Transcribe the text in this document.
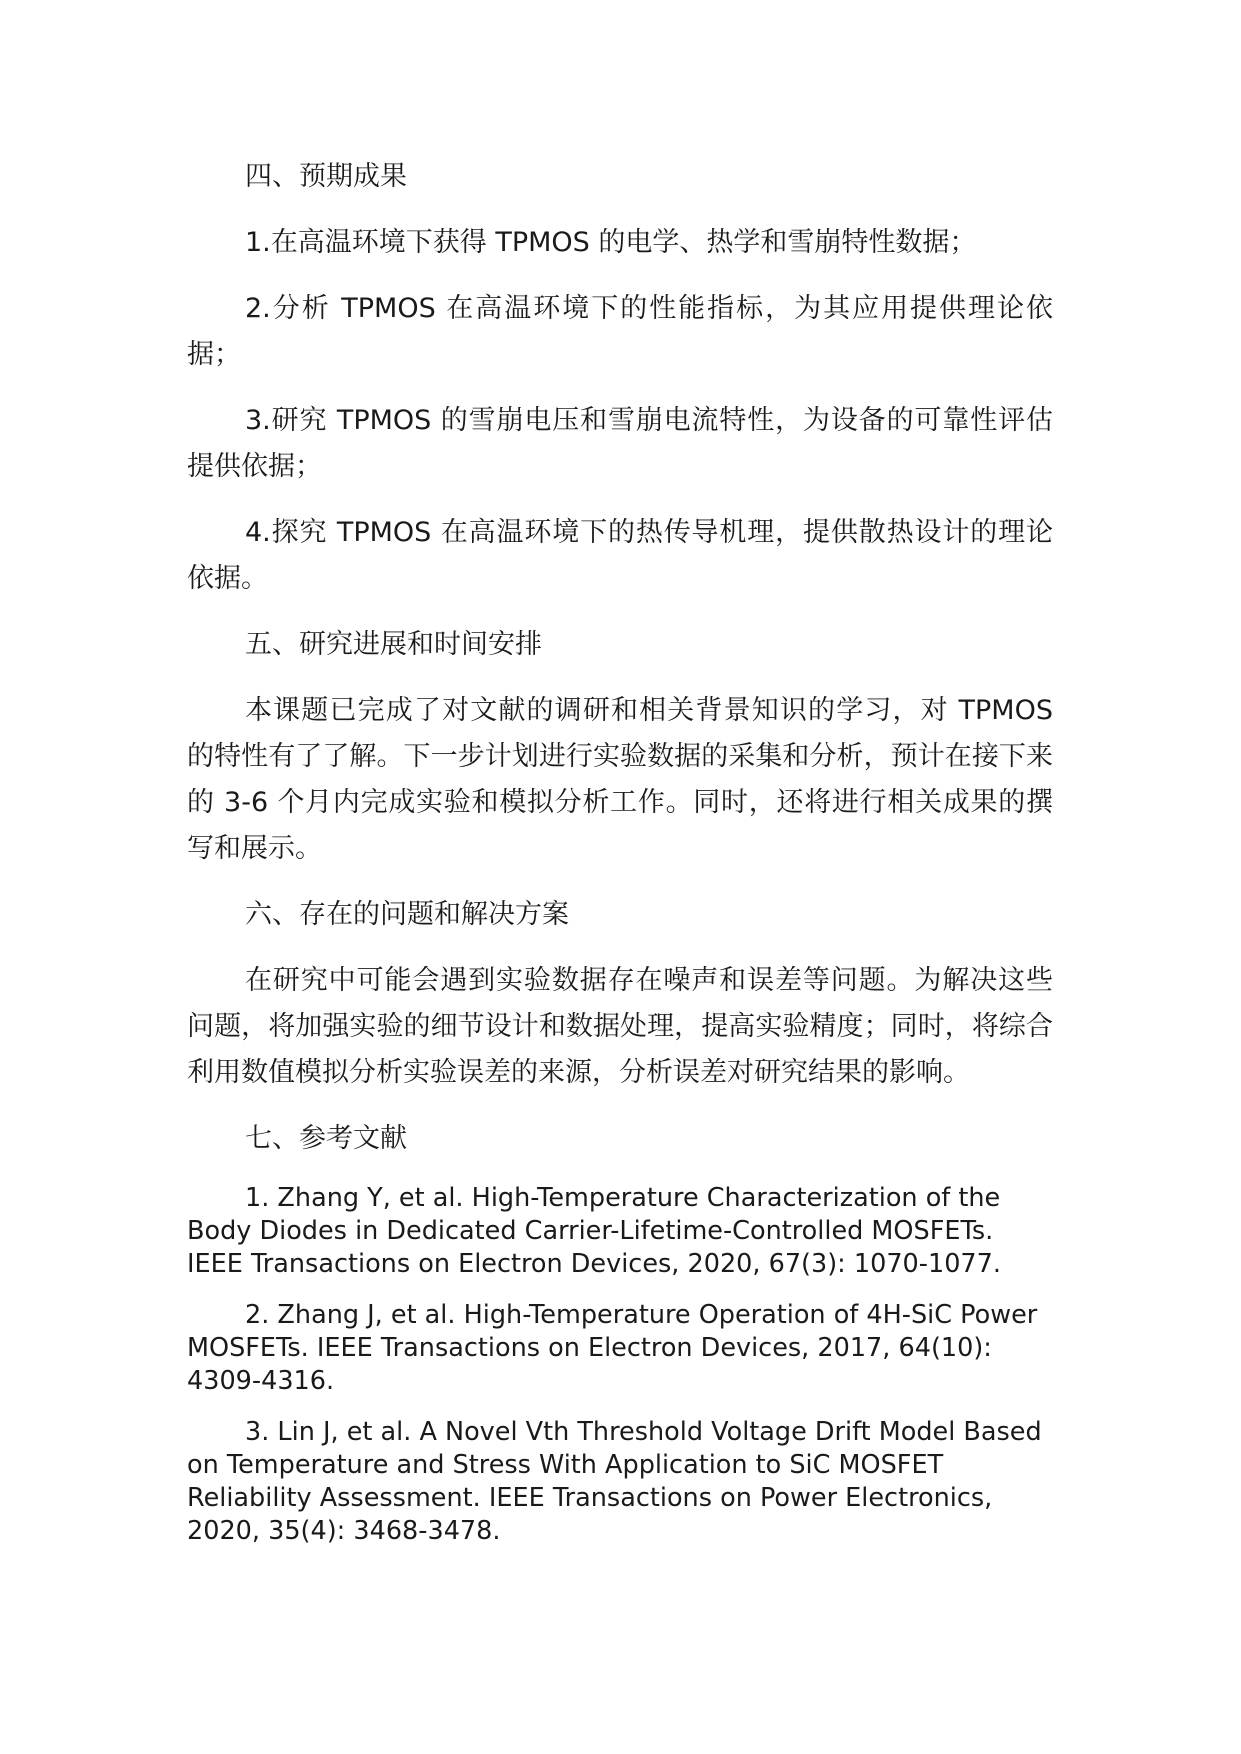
四、预期成果

1.在高温环境下获得 TPMOS 的电学、热学和雪崩特性数据；

2.分析 TPMOS 在高温环境下的性能指标，为其应用提供理论依据；

3.研究 TPMOS 的雪崩电压和雪崩电流特性，为设备的可靠性评估提供依据；

4.探究 TPMOS 在高温环境下的热传导机理，提供散热设计的理论依据。

五、研究进展和时间安排

本课题已完成了对文献的调研和相关背景知识的学习，对 TPMOS 的特性有了了解。下一步计划进行实验数据的采集和分析，预计在接下来的 3-6 个月内完成实验和模拟分析工作。同时，还将进行相关成果的撰写和展示。

六、存在的问题和解决方案

在研究中可能会遇到实验数据存在噪声和误差等问题。为解决这些问题，将加强实验的细节设计和数据处理，提高实验精度；同时，将综合利用数值模拟分析实验误差的来源，分析误差对研究结果的影响。

七、参考文献

1. Zhang Y, et al. High-Temperature Characterization of the Body Diodes in Dedicated Carrier-Lifetime-Controlled MOSFETs. IEEE Transactions on Electron Devices, 2020, 67(3): 1070-1077.

2. Zhang J, et al. High-Temperature Operation of 4H-SiC Power MOSFETs. IEEE Transactions on Electron Devices, 2017, 64(10): 4309-4316.

3. Lin J, et al. A Novel Vth Threshold Voltage Drift Model Based on Temperature and Stress With Application to SiC MOSFET Reliability Assessment. IEEE Transactions on Power Electronics, 2020, 35(4): 3468-3478.
